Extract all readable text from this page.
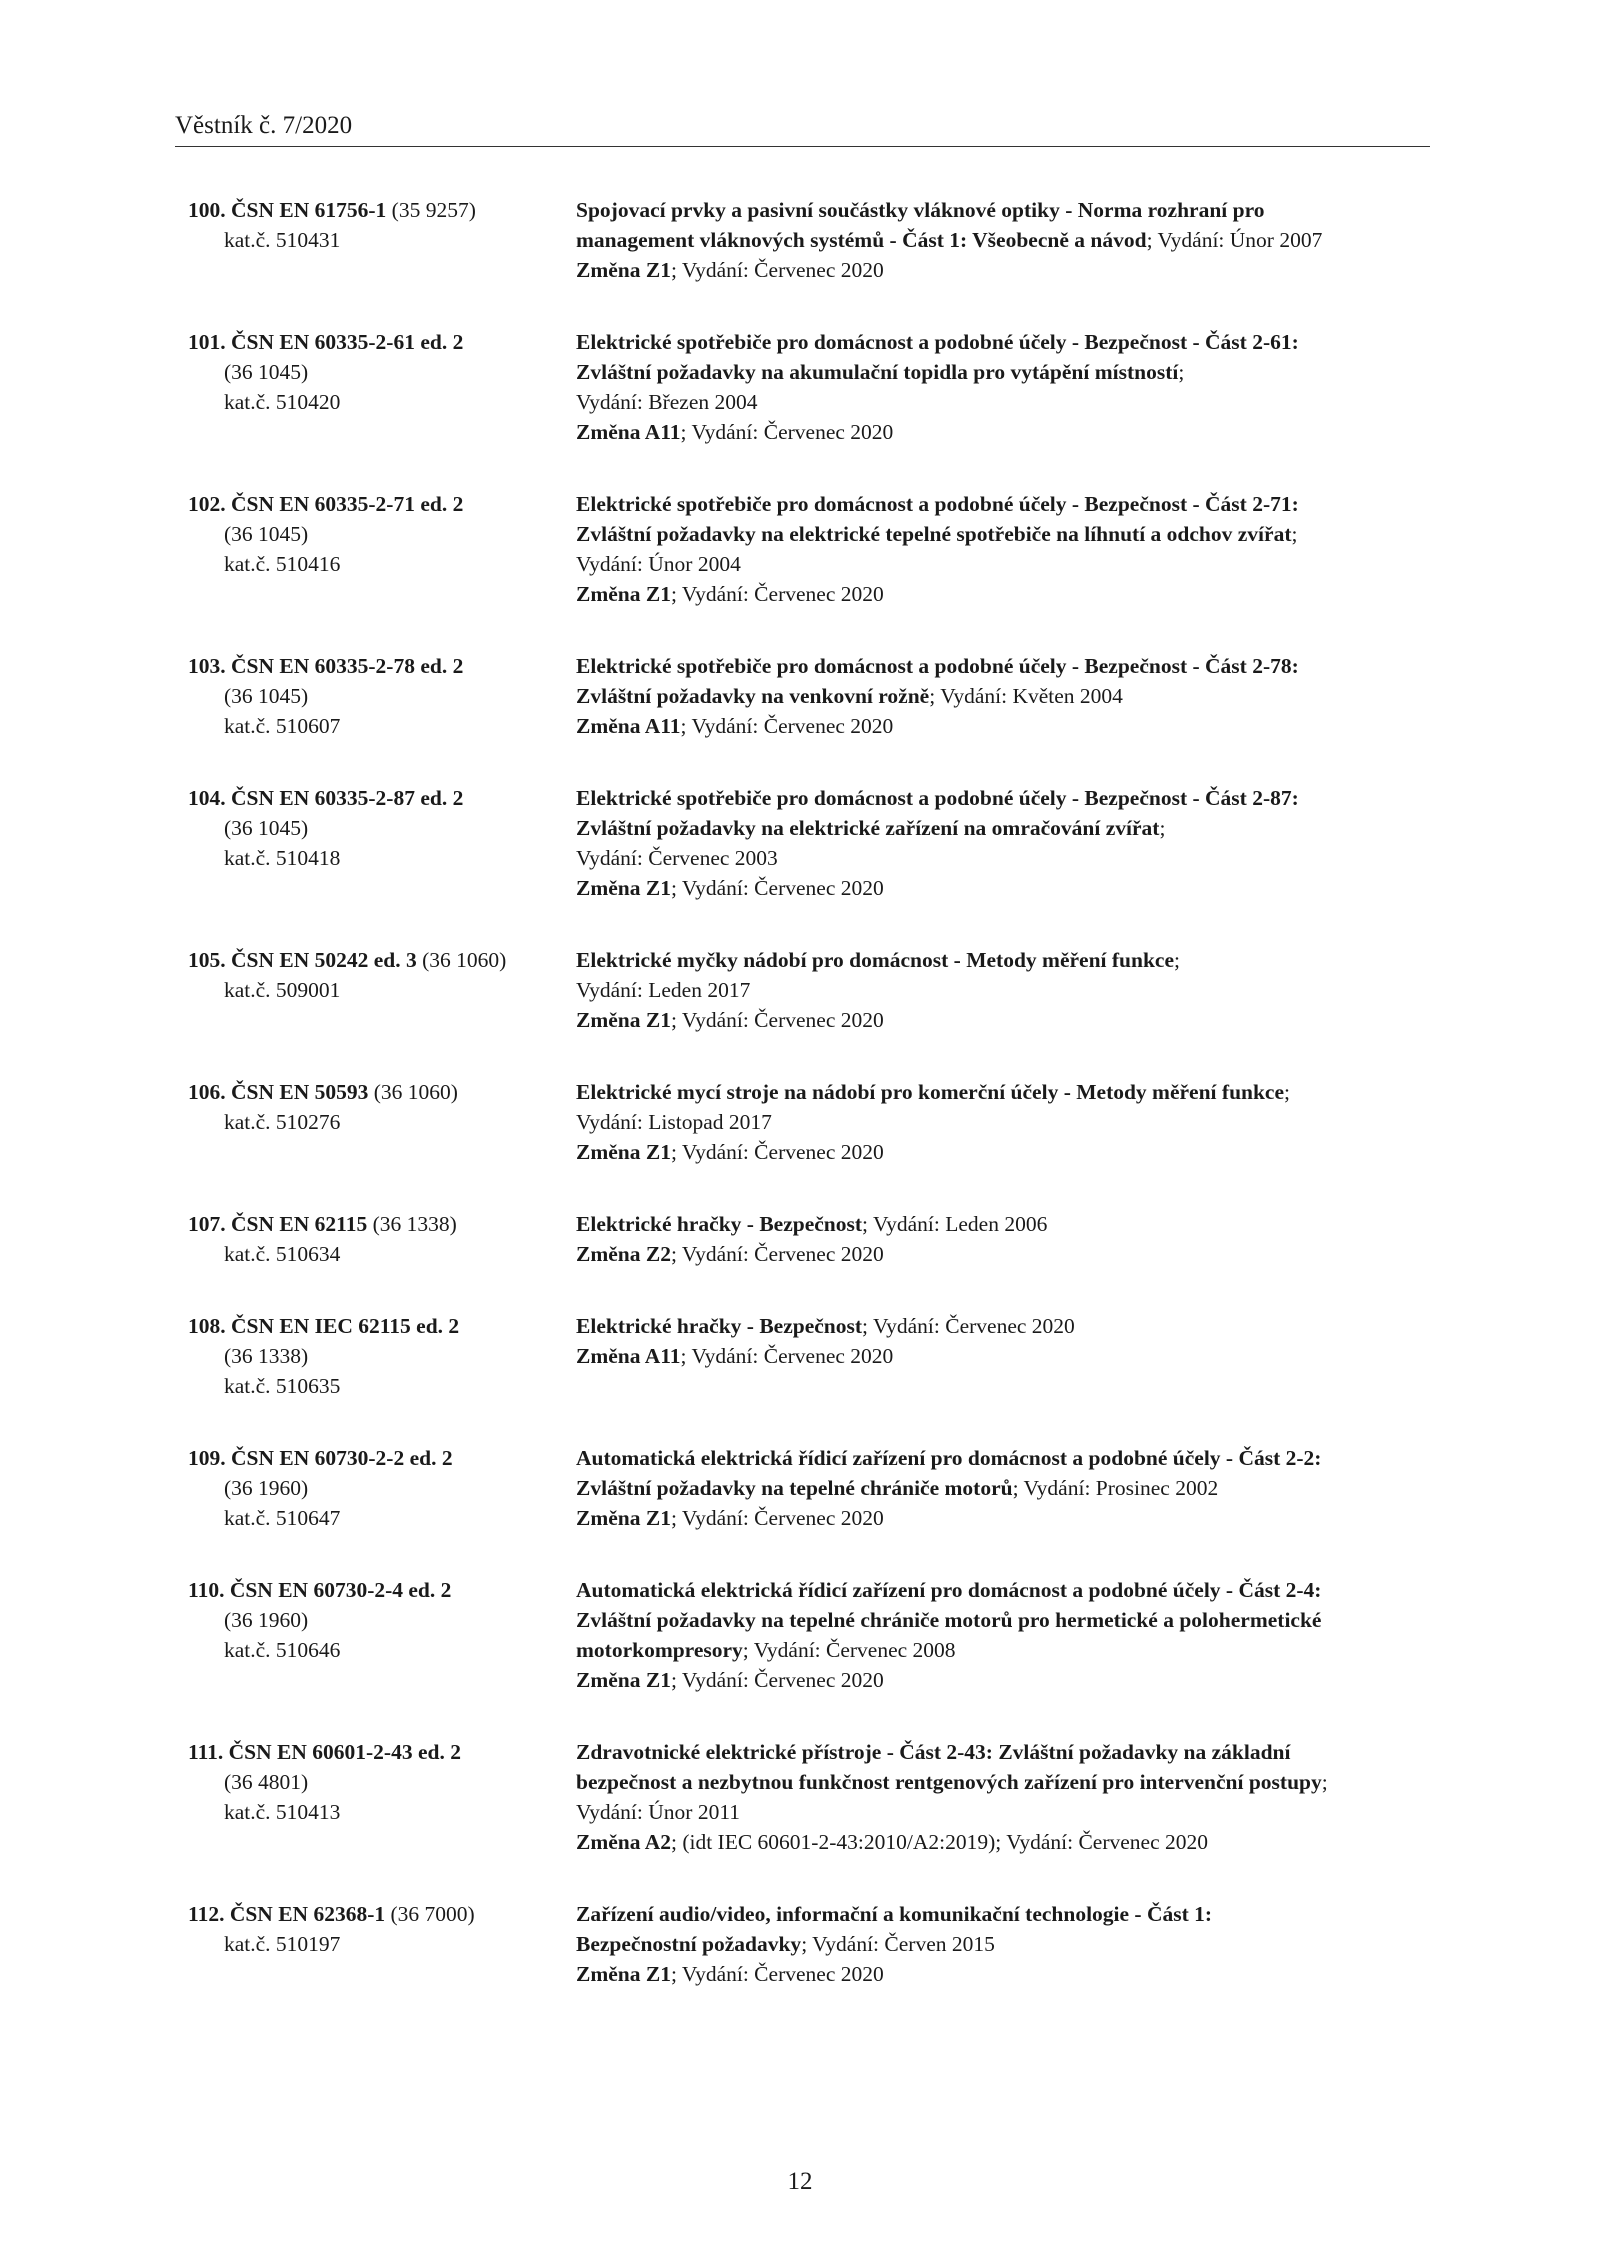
Věstník č. 7/2020
100. ČSN EN 61756-1 (35 9257)
kat.č. 510431
Spojovací prvky a pasivní součástky vláknové optiky - Norma rozhraní pro
management vláknových systémů - Část 1: Všeobecně a návod; Vydání: Únor 2007
Změna Z1; Vydání: Červenec 2020
101. ČSN EN 60335-2-61 ed. 2
(36 1045)
kat.č. 510420
Elektrické spotřebiče pro domácnost a podobné účely - Bezpečnost - Část 2-61:
Zvláštní požadavky na akumulační topidla pro vytápění místností;
Vydání: Březen 2004
Změna A11; Vydání: Červenec 2020
102. ČSN EN 60335-2-71 ed. 2
(36 1045)
kat.č. 510416
Elektrické spotřebiče pro domácnost a podobné účely - Bezpečnost - Část 2-71:
Zvláštní požadavky na elektrické tepelné spotřebiče na líhnutí a odchov zvířat;
Vydání: Únor 2004
Změna Z1; Vydání: Červenec 2020
103. ČSN EN 60335-2-78 ed. 2
(36 1045)
kat.č. 510607
Elektrické spotřebiče pro domácnost a podobné účely - Bezpečnost - Část 2-78:
Zvláštní požadavky na venkovní rožně; Vydání: Květen 2004
Změna A11; Vydání: Červenec 2020
104. ČSN EN 60335-2-87 ed. 2
(36 1045)
kat.č. 510418
Elektrické spotřebiče pro domácnost a podobné účely - Bezpečnost - Část 2-87:
Zvláštní požadavky na elektrické zařízení na omračování zvířat;
Vydání: Červenec 2003
Změna Z1; Vydání: Červenec 2020
105. ČSN EN 50242 ed. 3 (36 1060)
kat.č. 509001
Elektrické myčky nádobí pro domácnost - Metody měření funkce;
Vydání: Leden 2017
Změna Z1; Vydání: Červenec 2020
106. ČSN EN 50593 (36 1060)
kat.č. 510276
Elektrické mycí stroje na nádobí pro komerční účely - Metody měření funkce;
Vydání: Listopad 2017
Změna Z1; Vydání: Červenec 2020
107. ČSN EN 62115 (36 1338)
kat.č. 510634
Elektrické hračky - Bezpečnost; Vydání: Leden 2006
Změna Z2; Vydání: Červenec 2020
108. ČSN EN IEC 62115 ed. 2
(36 1338)
kat.č. 510635
Elektrické hračky - Bezpečnost; Vydání: Červenec 2020
Změna A11; Vydání: Červenec 2020
109. ČSN EN 60730-2-2 ed. 2
(36 1960)
kat.č. 510647
Automatická elektrická řídicí zařízení pro domácnost a podobné účely - Část 2-2:
Zvláštní požadavky na tepelné chrániče motorů; Vydání: Prosinec 2002
Změna Z1; Vydání: Červenec 2020
110. ČSN EN 60730-2-4 ed. 2
(36 1960)
kat.č. 510646
Automatická elektrická řídicí zařízení pro domácnost a podobné účely - Část 2-4:
Zvláštní požadavky na tepelné chrániče motorů pro hermetické a polohermetické
motorkompresory; Vydání: Červenec 2008
Změna Z1; Vydání: Červenec 2020
111. ČSN EN 60601-2-43 ed. 2
(36 4801)
kat.č. 510413
Zdravotnické elektrické přístroje - Část 2-43: Zvláštní požadavky na základní
bezpečnost a nezbytnou funkčnost rentgenových zařízení pro intervenční postupy;
Vydání: Únor 2011
Změna A2; (idt IEC 60601-2-43:2010/A2:2019); Vydání: Červenec 2020
112. ČSN EN 62368-1 (36 7000)
kat.č. 510197
Zařízení audio/video, informační a komunikační technologie - Část 1:
Bezpečnostní požadavky; Vydání: Červen 2015
Změna Z1; Vydání: Červenec 2020
12
